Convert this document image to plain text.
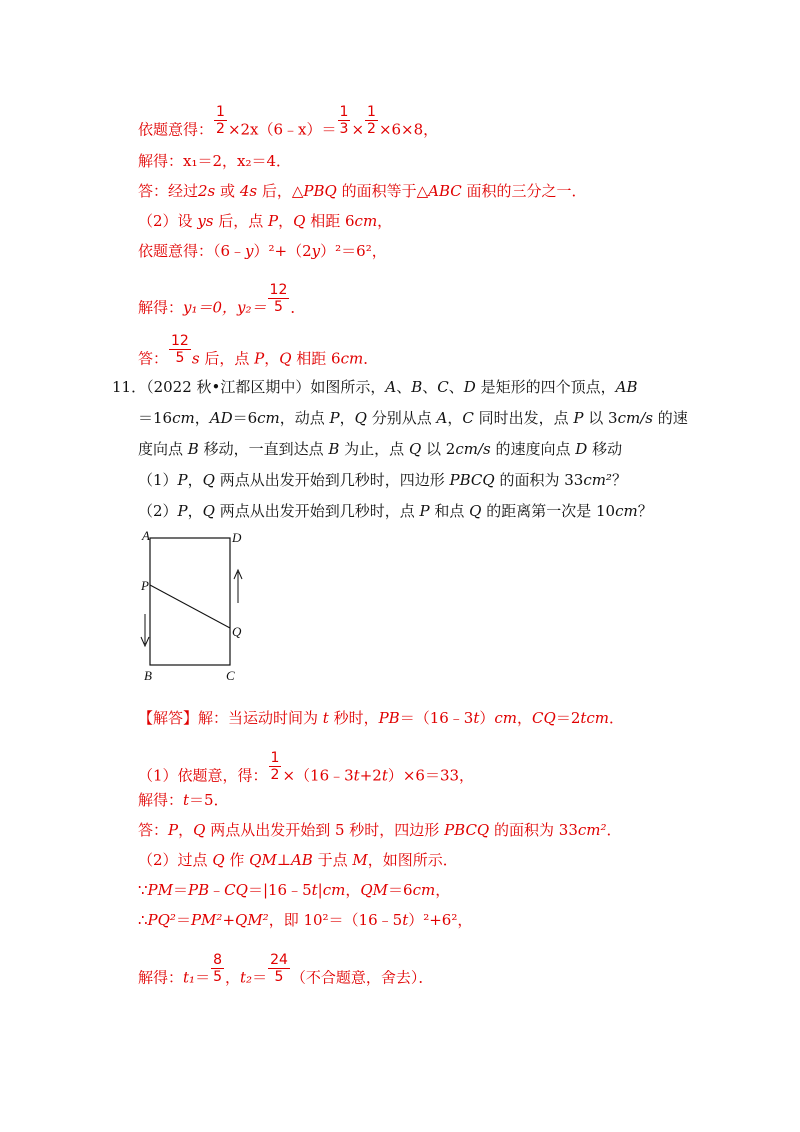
依题意得： $\frac{1}{2}$ ×2x（6﹣x）＝ $\frac{1}{3} \times \frac{1}{2} \times 6\times 8$，
解得：x₁＝2，x₂＝4．
答：经过2s 或 4s 后，△PBQ 的面积等于△ABC 面积的三分之一．
（2）设 ys 后，点 P，Q 相距 6cm，
依题意得：（6﹣y）²+（2y）²＝6²，
解得：y₁＝0，$y_2= \frac{12}{5}$ ．
答： $\frac{12}{5}$ s 后，点 P，Q 相距 6cm．
11．（2022 秋•江都区期中）如图所示，A、B、C、D 是矩形的四个顶点，AB
＝16cm，AD＝6cm，动点 P，Q 分别从点 A，C 同时出发，点 P 以 3cm/s 的速
度向点 B 移动，一直到达点 B 为止，点 Q 以 2cm/s 的速度向点 D 移动
（1）P，Q 两点从出发开始到几秒时，四边形 PBCQ 的面积为 33cm²？
（2）P，Q 两点从出发开始到几秒时，点 P 和点 Q 的距离第一次是 10cm？
A	D
P
Q
B	C
【解答】解：当运动时间为 t 秒时，PB＝（16﹣3t）cm，CQ＝2tcm．
（1）依题意，得： $\frac{1}{2}$ ×（16﹣3t+2t）×6＝33，
解得：t＝5．
答：P，Q 两点从出发开始到 5 秒时，四边形 PBCQ 的面积为 33cm²．
（2）过点 Q 作 QM⊥AB 于点 M，如图所示．
∵PM＝PB﹣CQ＝|16﹣5t|cm，QM＝6cm，
∴PQ²＝PM²+QM²，即 10²＝（16﹣5t）²+6²，
解得：$t_1= \frac{8}{5}$ ，$t_2= \frac{24}{5}$ （不合题意，舍去）．
